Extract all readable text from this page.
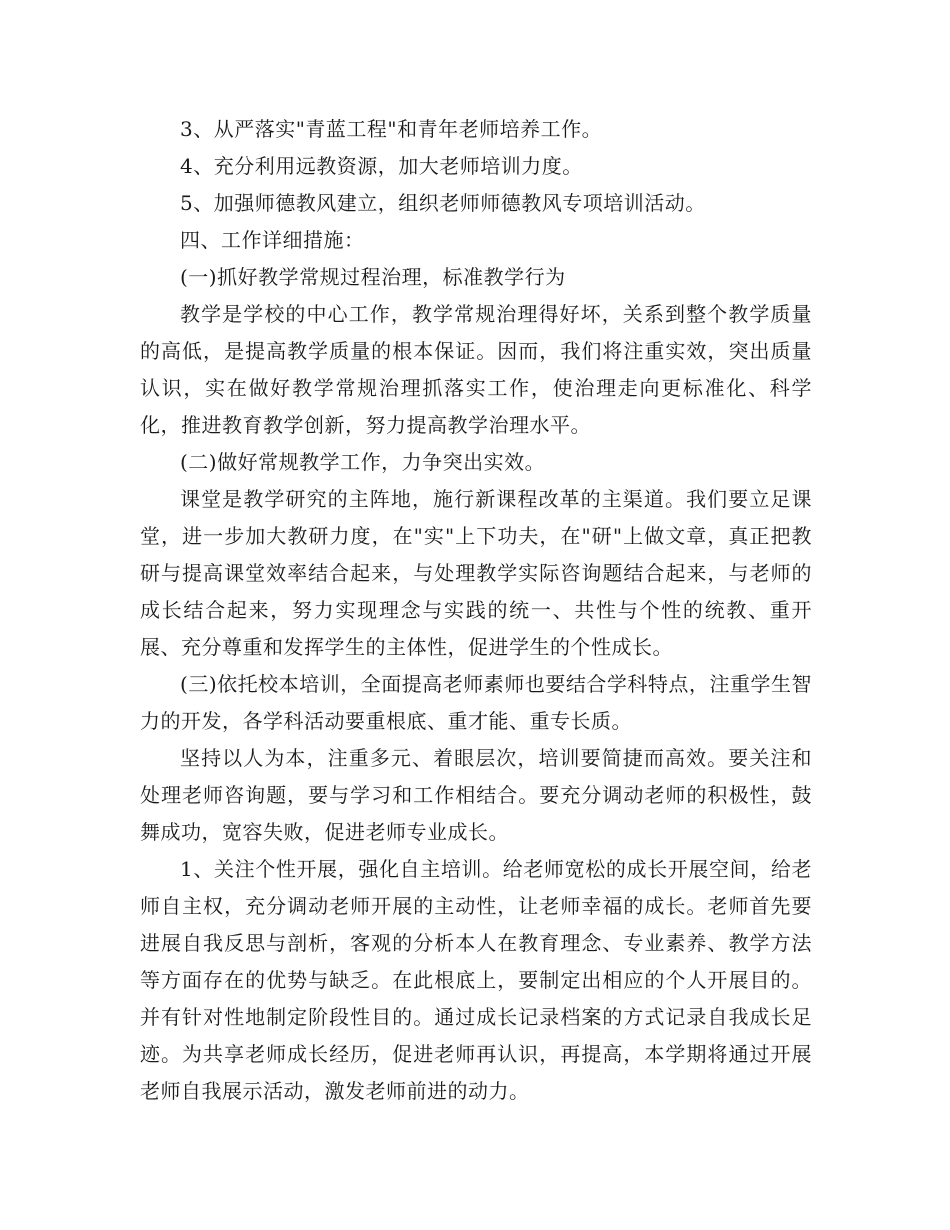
3、从严落实"青蓝工程"和青年老师培养工作。

4、充分利用远教资源，加大老师培训力度。

5、加强师德教风建立，组织老师师德教风专项培训活动。

四、工作详细措施：

(一)抓好教学常规过程治理，标准教学行为

教学是学校的中心工作，教学常规治理得好坏，关系到整个教学质量的高低，是提高教学质量的根本保证。因而，我们将注重实效，突出质量认识，实在做好教学常规治理抓落实工作，使治理走向更标准化、科学化，推进教育教学创新，努力提高教学治理水平。

(二)做好常规教学工作，力争突出实效。

课堂是教学研究的主阵地，施行新课程改革的主渠道。我们要立足课堂，进一步加大教研力度，在"实"上下功夫，在"研"上做文章，真正把教研与提高课堂效率结合起来，与处理教学实际咨询题结合起来，与老师的成长结合起来，努力实现理念与实践的统一、共性与个性的统教、重开展、充分尊重和发挥学生的主体性，促进学生的个性成长。

(三)依托校本培训，全面提高老师素师也要结合学科特点，注重学生智力的开发，各学科活动要重根底、重才能、重专长质。

坚持以人为本，注重多元、着眼层次，培训要简捷而高效。要关注和处理老师咨询题，要与学习和工作相结合。要充分调动老师的积极性，鼓舞成功，宽容失败，促进老师专业成长。

1、关注个性开展，强化自主培训。给老师宽松的成长开展空间，给老师自主权，充分调动老师开展的主动性，让老师幸福的成长。老师首先要进展自我反思与剖析，客观的分析本人在教育理念、专业素养、教学方法等方面存在的优势与缺乏。在此根底上，要制定出相应的个人开展目的。并有针对性地制定阶段性目的。通过成长记录档案的方式记录自我成长足迹。为共享老师成长经历，促进老师再认识，再提高，本学期将通过开展老师自我展示活动，激发老师前进的动力。
